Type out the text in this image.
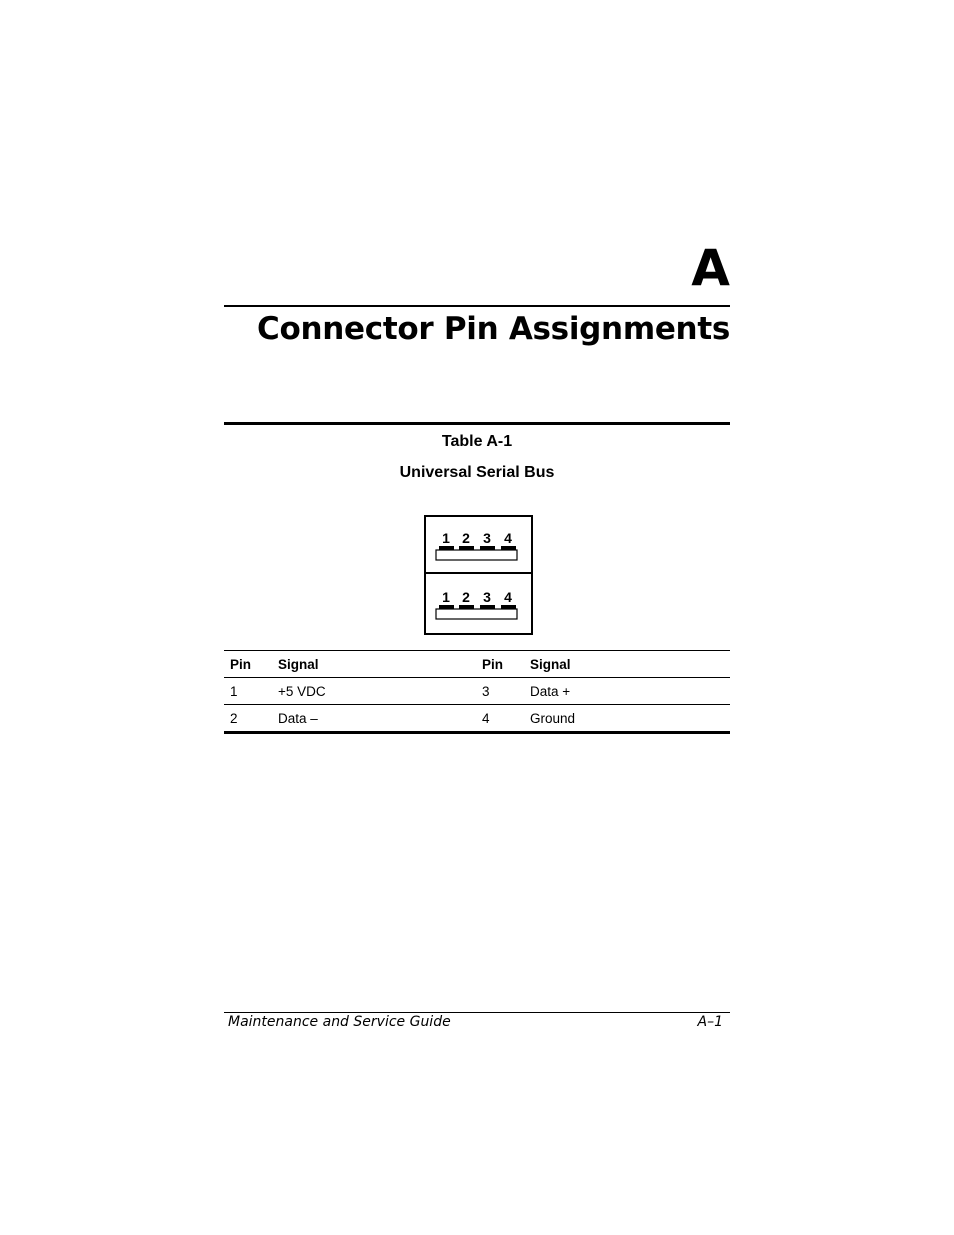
A
Connector Pin Assignments
Table A-1
Universal Serial Bus
1 2 3 4
1 2 3 4
Pin	Signal	Pin	Signal
1	+5 VDC	3	Data +
2	Data –	4	Ground
Maintenance and Service Guide	A–1
